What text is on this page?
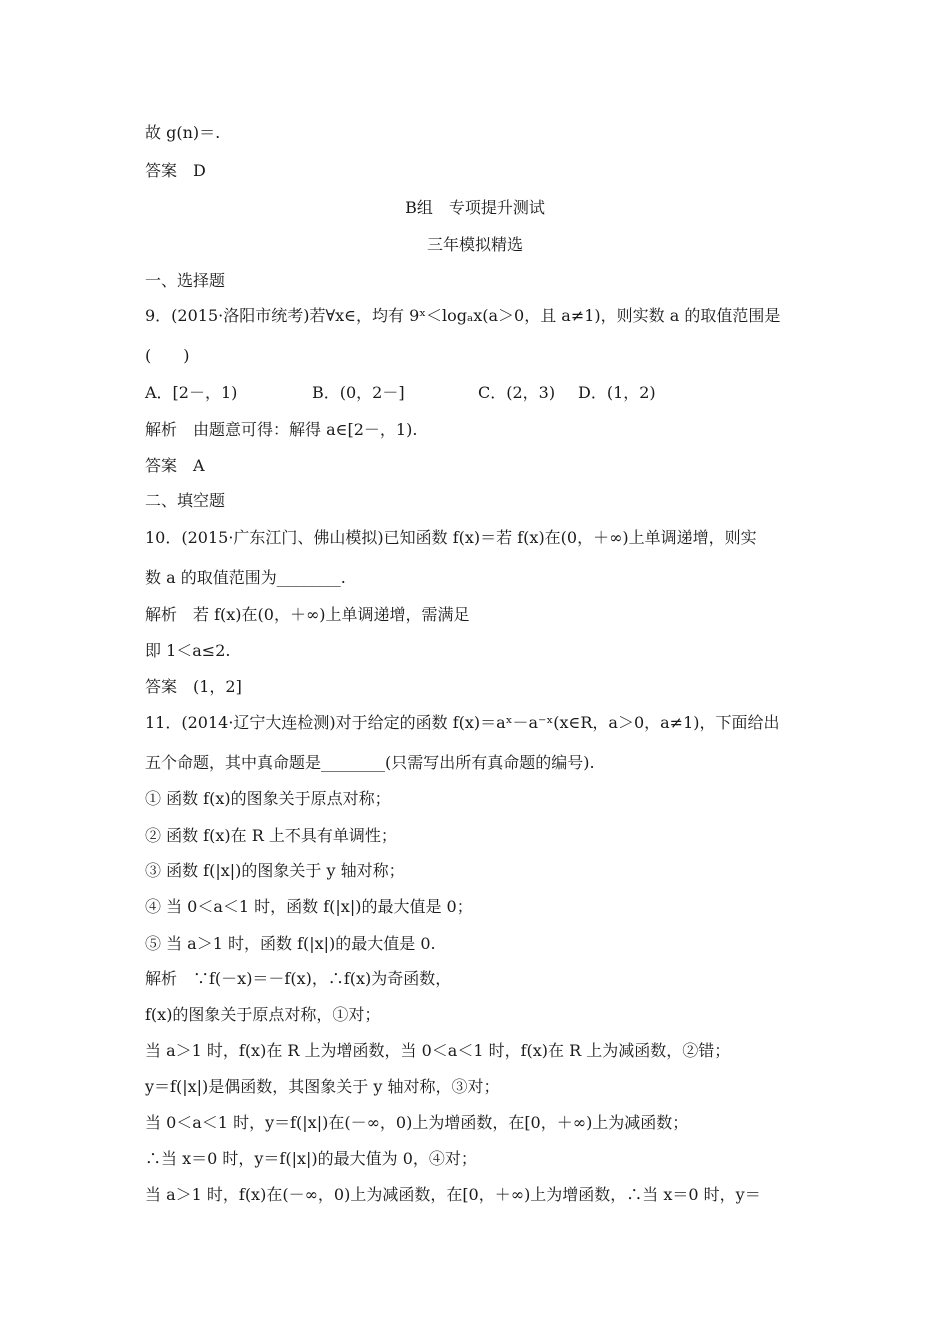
故 g(n)＝.
答案　D
B组　专项提升测试
三年模拟精选
一、选择题
9．(2015·洛阳市统考)若∀x∈，均有 9ˣ＜logₐx(a＞0，且 a≠1)，则实数 a 的取值范围是
(　　)
A．[2－，1)	B．(0，2－]	C．(2，3) D．(1，2)
解析　由题意可得：解得 a∈[2－，1).
答案　A
二、填空题
10．(2015·广东江门、佛山模拟)已知函数 f(x)＝若 f(x)在(0，＋∞)上单调递增，则实
数 a 的取值范围为________.
解析　若 f(x)在(0，＋∞)上单调递增，需满足
即 1＜a≤2.
答案　(1，2]
11．(2014·辽宁大连检测)对于给定的函数 f(x)＝aˣ－a⁻ˣ(x∈R，a＞0，a≠1)，下面给出
五个命题，其中真命题是________(只需写出所有真命题的编号).
① 函数 f(x)的图象关于原点对称；
② 函数 f(x)在 R 上不具有单调性；
③ 函数 f(|x|)的图象关于 y 轴对称；
④ 当 0＜a＜1 时，函数 f(|x|)的最大值是 0；
⑤ 当 a＞1 时，函数 f(|x|)的最大值是 0.
解析　∵f(－x)＝－f(x)，∴f(x)为奇函数，
f(x)的图象关于原点对称，①对；
当 a＞1 时，f(x)在 R 上为增函数，当 0＜a＜1 时，f(x)在 R 上为减函数，②错；
y＝f(|x|)是偶函数，其图象关于 y 轴对称，③对；
当 0＜a＜1 时，y＝f(|x|)在(－∞，0)上为增函数，在[0，＋∞)上为减函数；
∴当 x＝0 时，y＝f(|x|)的最大值为 0，④对；
当 a＞1 时，f(x)在(－∞，0)上为减函数，在[0，＋∞)上为增函数，∴当 x＝0 时，y＝
